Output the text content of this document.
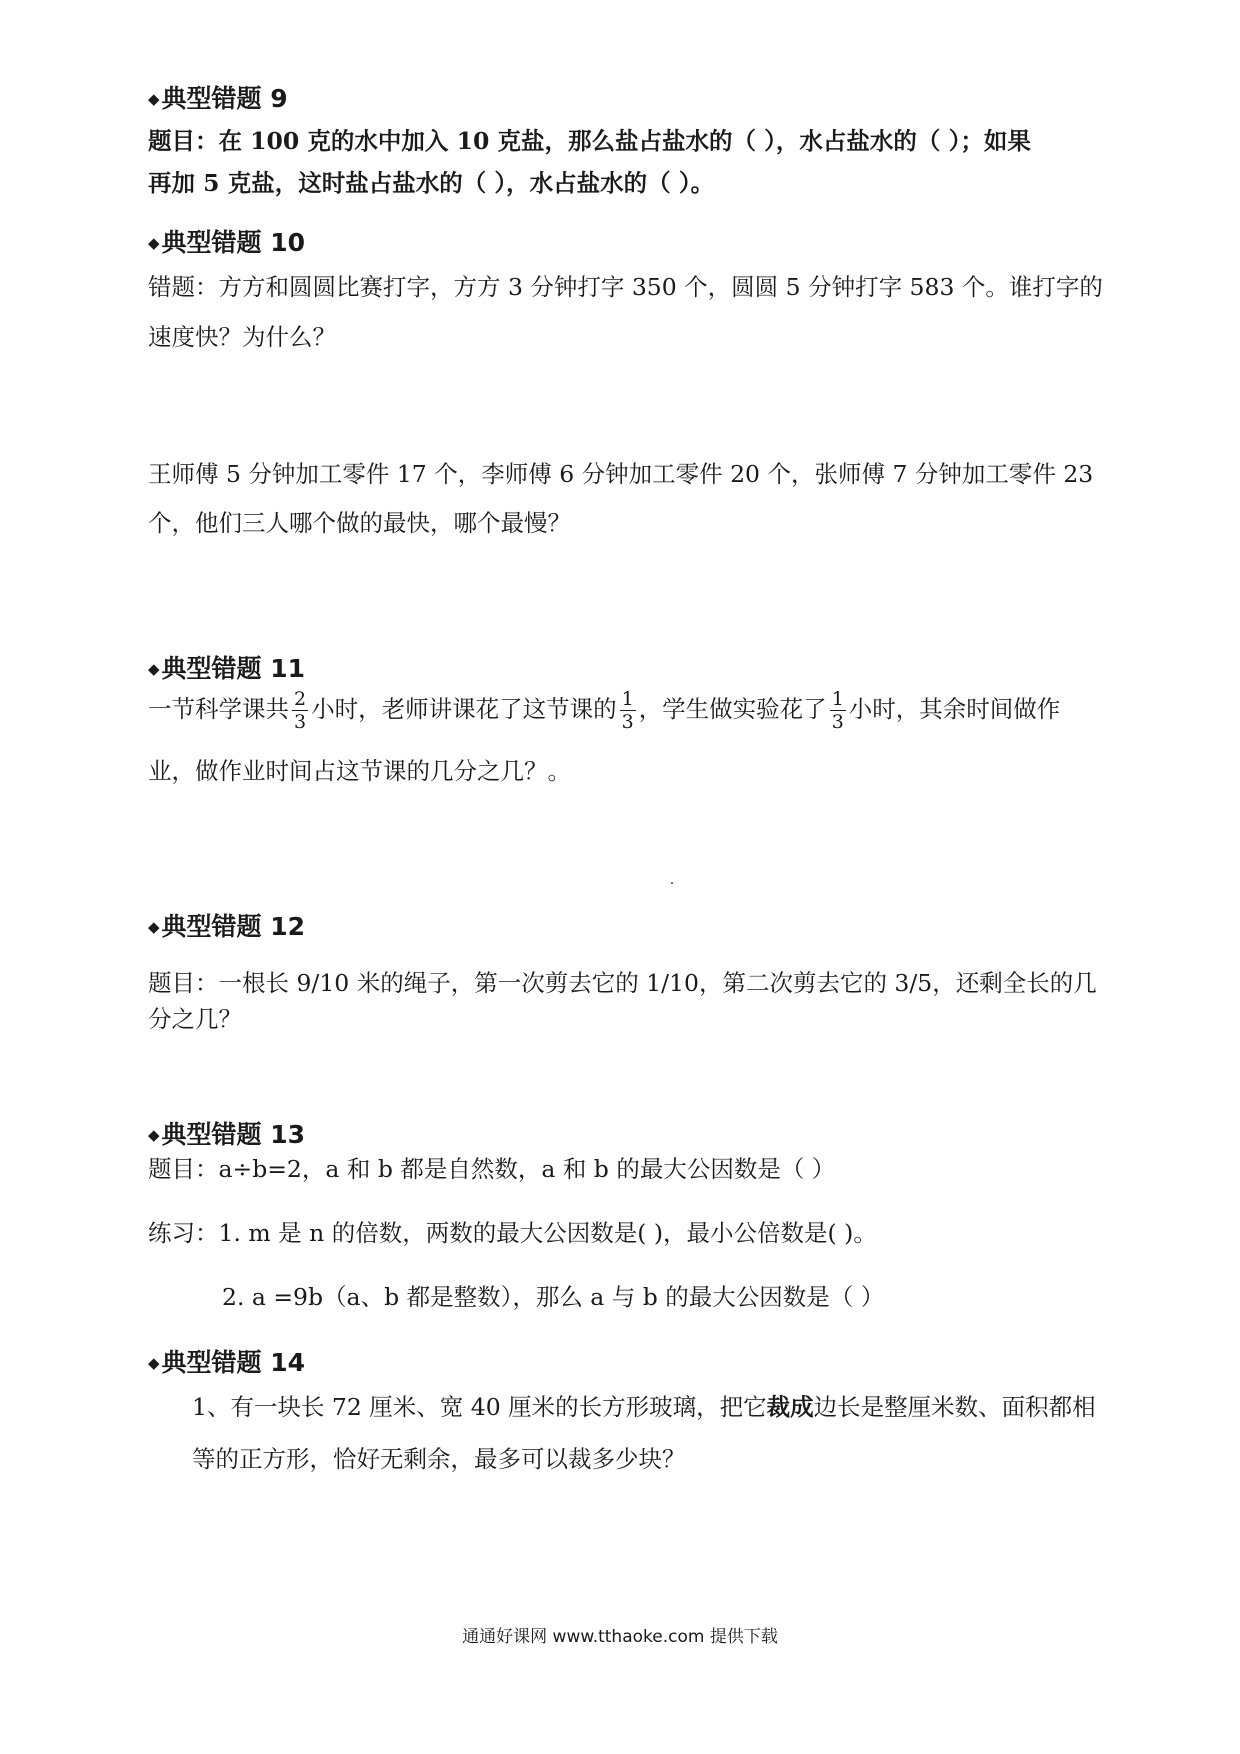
◆典型错题 9
题目：在 100 克的水中加入 10 克盐，那么盐占盐水的（ ），水占盐水的（ ）；如果
再加 5 克盐，这时盐占盐水的（ ），水占盐水的（ ）。
◆典型错题 10
错题：方方和圆圆比赛打字，方方 3 分钟打字 350 个，圆圆 5 分钟打字 583 个。谁打字的
速度快？为什么？
王师傅 5 分钟加工零件 17 个，李师傅 6 分钟加工零件 20 个，张师傅 7 分钟加工零件 23
个，他们三人哪个做的最快，哪个最慢？
◆典型错题 11
一节科学课共 $\frac{2}{3}$ 小时，老师讲课花了这节课的 $\frac{1}{3}$ ，学生做实验花了 $\frac{1}{3}$ 小时，其余时间做作
业，做作业时间占这节课的几分之几？。
◆典型错题 12
题目：一根长 9/10 米的绳子，第一次剪去它的 1/10，第二次剪去它的 3/5，还剩全长的几
分之几？
◆典型错题 13
题目：a÷b=2，a 和 b 都是自然数，a 和 b 的最大公因数是（ ）
练习：1. m 是 n 的倍数，两数的最大公因数是( )，最小公倍数是( )。
2. a =9b（a、b 都是整数），那么 a 与 b 的最大公因数是（ ）
◆典型错题 14
1、有一块长 72 厘米、宽 40 厘米的长方形玻璃，把它裁成边长是整厘米数、面积都相
等的正方形，恰好无剩余，最多可以裁多少块？
通通好课网 www.tthaoke.com 提供下载
